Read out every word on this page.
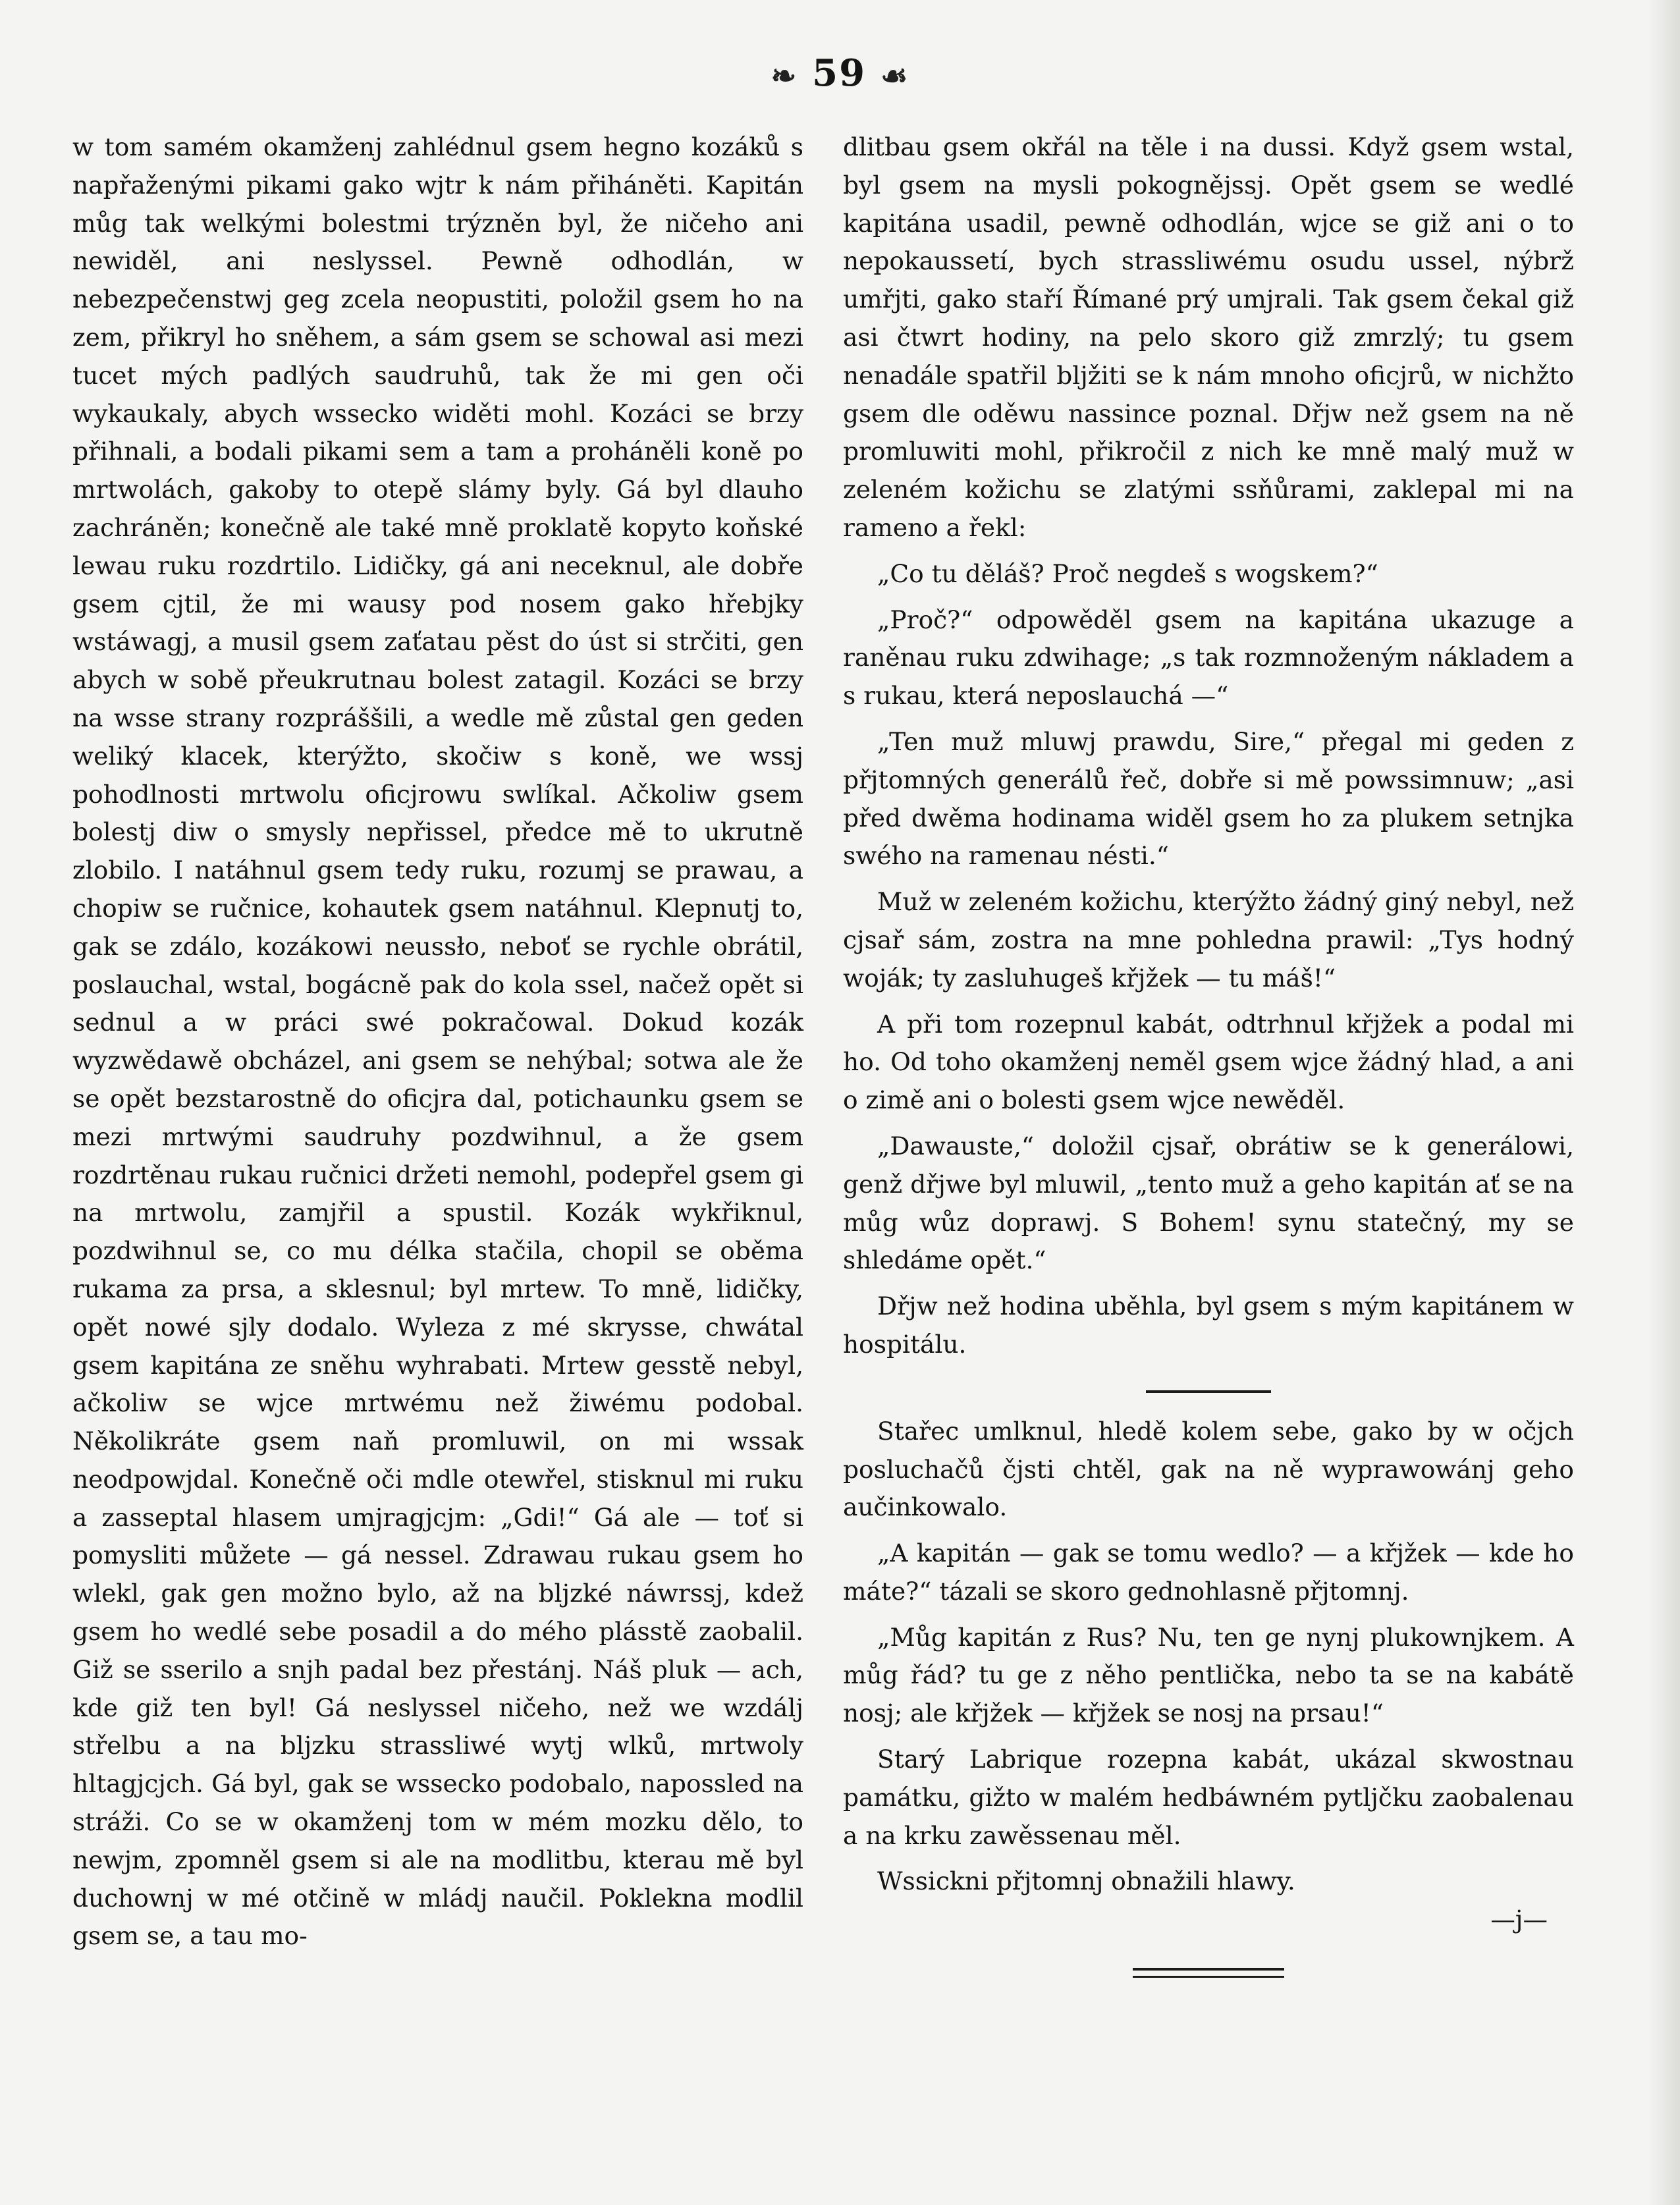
❧ 59 ☙

w tom samém okamženj zahlédnul gsem hegno kozáků s napřaženými pikami gako wjtr k nám přiháněti. Kapitán můg tak welkými bolestmi trýzněn byl, že ničeho ani newiděl, ani neslyssel. Pewně odhodlán, w nebezpečenstwj geg zcela neopustiti, položil gsem ho na zem, přikryl ho sněhem, a sám gsem se schowal asi mezi tucet mých padlých saudruhů, tak že mi gen oči wykaukaly, abych wssecko widěti mohl. Kozáci se brzy přihnali, a bodali pikami sem a tam a proháněli koně po mrtwolách, gakoby to otepě slámy byly. Gá byl dlauho zachráněn; konečně ale také mně proklatě kopyto koňské lewau ruku rozdrtilo. Lidičky, gá ani neceknul, ale dobře gsem cjtil, že mi wausy pod nosem gako hřebjky wstáwagj, a musil gsem zaťatau pěst do úst si strčiti, gen abych w sobě přeukrutnau bolest zatagil. Kozáci se brzy na wsse strany rozpráššili, a wedle mě zůstal gen geden weliký klacek, kterýžto, skočiw s koně, we wssj pohodlnosti mrtwolu oficjrowu swlíkal. Ačkoliw gsem bolestj diw o smysly nepřissel, předce mě to ukrutně zlobilo. I natáhnul gsem tedy ruku, rozumj se prawau, a chopiw se ručnice, kohautek gsem natáhnul. Klepnutj to, gak se zdálo, kozákowi neussło, neboť se rychle obrátil, poslauchal, wstal, bogácně pak do kola ssel, načež opět si sednul a w práci swé pokračowal. Dokud kozák wyzwědawě obcházel, ani gsem se nehýbal; sotwa ale že se opět bezstarostně do oficjra dal, potichaunku gsem se mezi mrtwými saudruhy pozdwihnul, a že gsem rozdrtěnau rukau ručnici držeti nemohl, podepřel gsem gi na mrtwolu, zamjřil a spustil. Kozák wykřiknul, pozdwihnul se, co mu délka stačila, chopil se oběma rukama za prsa, a sklesnul; byl mrtew. To mně, lidičky, opět nowé sjly dodalo. Wyleza z mé skrysse, chwátal gsem kapitána ze sněhu wyhrabati. Mrtew gesstě nebyl, ačkoliw se wjce mrtwému než žiwému podobal. Několikráte gsem naň promluwil, on mi wssak neodpowjdal. Konečně oči mdle otewřel, stisknul mi ruku a zasseptal hlasem umjragjcjm: „Gdi!“ Gá ale — toť si pomysliti můžete — gá nessel. Zdrawau rukau gsem ho wlekl, gak gen možno bylo, až na bljzké náwrssj, kdež gsem ho wedlé sebe posadil a do mého plásstě zaobalil. Giž se sserilo a snjh padal bez přestánj. Náš pluk — ach, kde giž ten byl! Gá neslyssel ničeho, než we wzdálj střelbu a na bljzku strassliwé wytj wlků, mrtwoly hltagjcjch. Gá byl, gak se wssecko podobalo, napossled na stráži. Co se w okamženj tom w mém mozku dělo, to newjm, zpomněl gsem si ale na modlitbu, kterau mě byl duchownj w mé otčině w mládj naučil. Poklekna modlil gsem se, a tau mo-

dlitbau gsem okřál na těle i na dussi. Když gsem wstal, byl gsem na mysli pokognějssj. Opět gsem se wedlé kapitána usadil, pewně odhodlán, wjce se giž ani o to nepokaussetí, bych strassliwému osudu ussel, nýbrž umřjti, gako staří Římané prý umjrali. Tak gsem čekal giž asi čtwrt hodiny, na pelo skoro giž zmrzlý; tu gsem nenadále spatřil bljžiti se k nám mnoho oficjrů, w nichžto gsem dle oděwu nassince poznal. Dřjw než gsem na ně promluwiti mohl, přikročil z nich ke mně malý muž w zeleném kožichu se zlatými ssňůrami, zaklepal mi na rameno a řekl:

„Co tu děláš? Proč negdeš s wogskem?“

„Proč?“ odpowěděl gsem na kapitána ukazuge a raněnau ruku zdwihage; „s tak rozmnoženým nákladem a s rukau, která neposlauchá —“

„Ten muž mluwj prawdu, Sire,“ přegal mi geden z přjtomných generálů řeč, dobře si mě powssimnuw; „asi před dwěma hodinama widěl gsem ho za plukem setnjka swého na ramenau nésti.“

Muž w zeleném kožichu, kterýžto žádný giný nebyl, než cjsař sám, zostra na mne pohledna prawil: „Tys hodný woják; ty zasluhugeš křjžek — tu máš!“

A při tom rozepnul kabát, odtrhnul křjžek a podal mi ho. Od toho okamženj neměl gsem wjce žádný hlad, a ani o zimě ani o bolesti gsem wjce newěděl.

„Dawauste,“ doložil cjsař, obrátiw se k generálowi, genž dřjwe byl mluwil, „tento muž a geho kapitán ať se na můg wůz doprawj. S Bohem! synu statečný, my se shledáme opět.“

Dřjw než hodina uběhla, byl gsem s mým kapitánem w hospitálu.

Stařec umlknul, hledě kolem sebe, gako by w očjch posluchačů čjsti chtěl, gak na ně wyprawowánj geho aučinkowalo.

„A kapitán — gak se tomu wedlo? — a křjžek — kde ho máte?“ tázali se skoro gednohlasně přjtomnj.

„Můg kapitán z Rus? Nu, ten ge nynj plukownjkem. A můg řád? tu ge z něho pentlička, nebo ta se na kabátě nosj; ale křjžek — křjžek se nosj na prsau!“

Starý Labrique rozepna kabát, ukázal skwostnau památku, gižto w malém hedbáwném pytljčku zaobalenau a na krku zawěssenau měl.

Wssickni přjtomnj obnažili hlawy.

—j—
